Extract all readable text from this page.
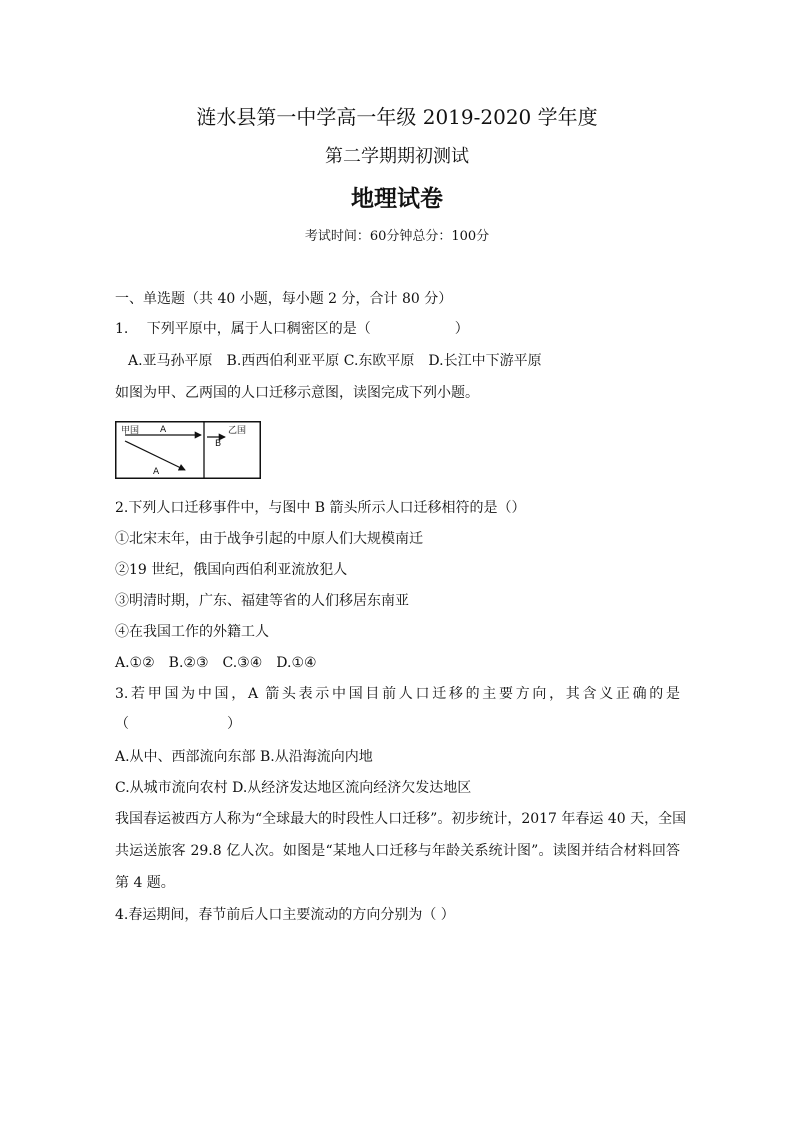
涟水县第一中学高一年级 2019-2020 学年度
第二学期期初测试
地理试卷
考试时间：60分钟总分：100分
一、单选题（共 40 小题，每小题 2 分，合计 80 分）
1.　 下列平原中，属于人口稠密区的是（　　　　　　）
A.亚马孙平原　B.西西伯利亚平原 C.东欧平原　D.长江中下游平原
如图为甲、乙两国的人口迁移示意图，读图完成下列小题。
甲国	乙国
A
B
A
2.下列人口迁移事件中，与图中 B 箭头所示人口迁移相符的是（）
①北宋末年，由于战争引起的中原人们大规模南迁
②19 世纪，俄国向西伯利亚流放犯人
③明清时期，广东、福建等省的人们移居东南亚
④在我国工作的外籍工人
A.①②　B.②③　C.③④　D.①④
3.若甲国为中国，A 箭头表示中国目前人口迁移的主要方向，其含义正确的是
（　　　　　　　）
A.从中、西部流向东部 B.从沿海流向内地
C.从城市流向农村 D.从经济发达地区流向经济欠发达地区
我国春运被西方人称为“全球最大的时段性人口迁移”。初步统计，2017 年春运 40 天，全国
共运送旅客 29.8 亿人次。如图是“某地人口迁移与年龄关系统计图”。读图并结合材料回答
第 4 题。
4.春运期间，春节前后人口主要流动的方向分别为（ ）
